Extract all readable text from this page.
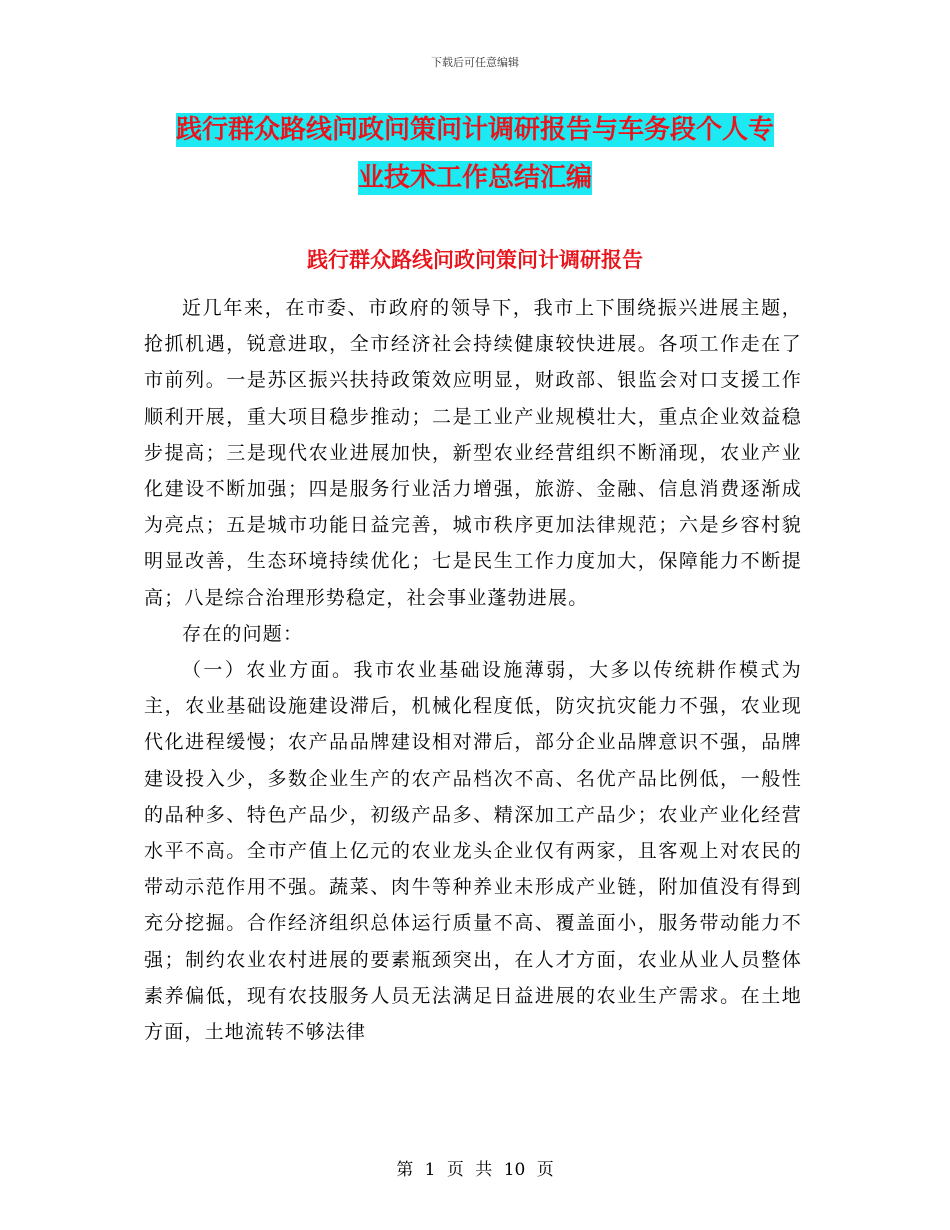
下载后可任意编辑
践行群众路线问政问策问计调研报告与车务段个人专
业技术工作总结汇编
践行群众路线问政问策问计调研报告

近几年来，在市委、市政府的领导下，我市上下围绕振兴进展主题，抢抓机遇，锐意进取，全市经济社会持续健康较快进展。各项工作走在了市前列。一是苏区振兴扶持政策效应明显，财政部、银监会对口支援工作顺利开展，重大项目稳步推动；二是工业产业规模壮大，重点企业效益稳步提高；三是现代农业进展加快，新型农业经营组织不断涌现，农业产业化建设不断加强；四是服务行业活力增强，旅游、金融、信息消费逐渐成为亮点；五是城市功能日益完善，城市秩序更加法律规范；六是乡容村貌明显改善，生态环境持续优化；七是民生工作力度加大，保障能力不断提高；八是综合治理形势稳定，社会事业蓬勃进展。

存在的问题：

（一）农业方面。我市农业基础设施薄弱，大多以传统耕作模式为主，农业基础设施建设滞后，机械化程度低，防灾抗灾能力不强，农业现代化进程缓慢；农产品品牌建设相对滞后，部分企业品牌意识不强，品牌建设投入少，多数企业生产的农产品档次不高、名优产品比例低，一般性的品种多、特色产品少，初级产品多、精深加工产品少；农业产业化经营水平不高。全市产值上亿元的农业龙头企业仅有两家，且客观上对农民的带动示范作用不强。蔬菜、肉牛等种养业未形成产业链，附加值没有得到充分挖掘。合作经济组织总体运行质量不高、覆盖面小，服务带动能力不强；制约农业农村进展的要素瓶颈突出，在人才方面，农业从业人员整体素养偏低，现有农技服务人员无法满足日益进展的农业生产需求。在土地方面，土地流转不够法律

第 1 页 共 10 页
